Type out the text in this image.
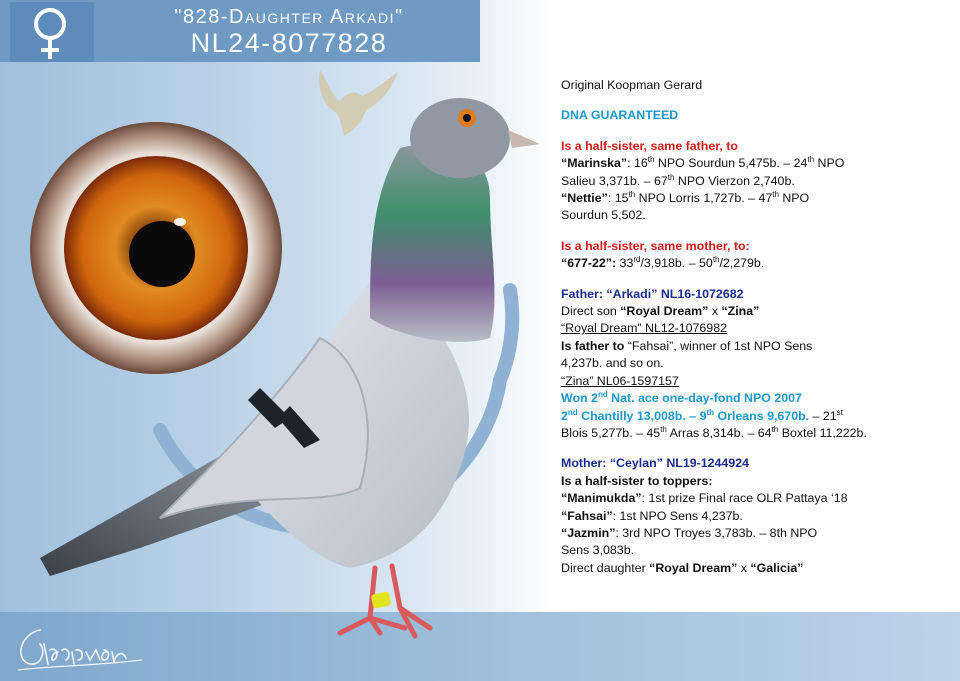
"828-Daughter Arkadi"
NL24-8077828

Original Koopman Gerard

DNA GUARANTEED

Is a half-sister, same father, to

“Marinska”: 16th NPO Sourdun 5,475b. – 24th NPO

Salieu 3,371b. – 67th NPO Vierzon 2,740b.

“Nettie”: 15th NPO Lorris 1,727b. – 47th NPO

Sourdun 5,502.

Is a half-sister, same mother, to:

“677-22”: 33rd/3,918b. – 50th/2,279b.

Father: “Arkadi” NL16-1072682

Direct son “Royal Dream” x “Zina”

“Royal Dream” NL12-1076982

Is father to “Fahsai”, winner of 1st NPO Sens

4,237b. and so on.

“Zina” NL06-1597157

Won 2nd Nat. ace one-day-fond NPO 2007

2nd Chantilly 13,008b. – 9th Orleans 9,670b. – 21st

Blois 5,277b. – 45th Arras 8,314b. – 64th Boxtel 11,222b.

Mother: “Ceylan” NL19-1244924

Is a half-sister to toppers:

“Manimukda”: 1st prize Final race OLR Pattaya ‘18

“Fahsai”: 1st NPO Sens 4,237b.

“Jazmin”: 3rd NPO Troyes 3,783b. – 8th NPO

Sens 3,083b.

Direct daughter “Royal Dream” x “Galicia”
